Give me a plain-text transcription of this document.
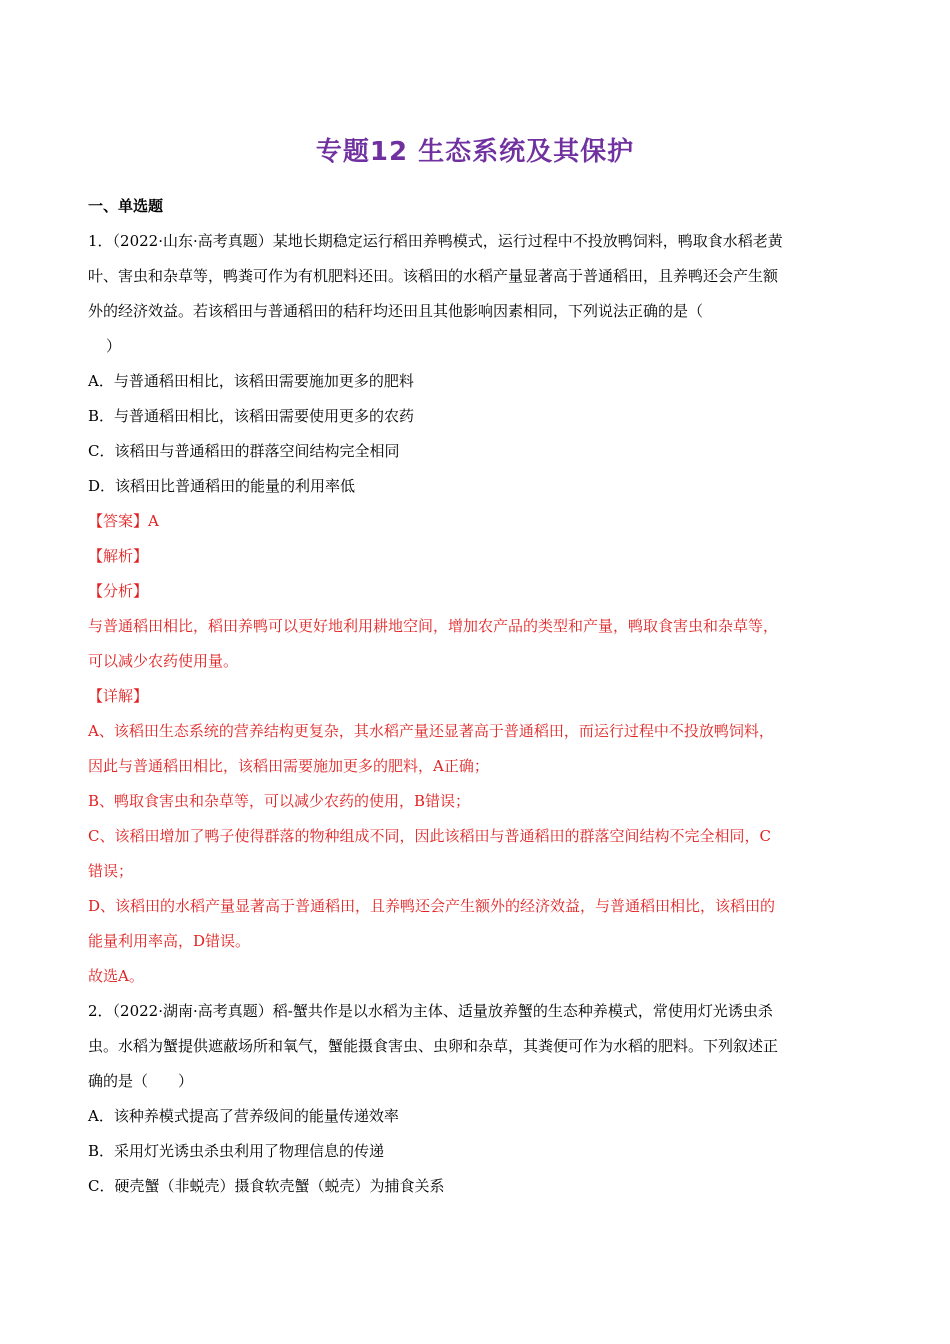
专题12 生态系统及其保护
一、单选题
1．（2022·山东·高考真题）某地长期稳定运行稻田养鸭模式，运行过程中不投放鸭饲料，鸭取食水稻老黄
叶、害虫和杂草等，鸭粪可作为有机肥料还田。该稻田的水稻产量显著高于普通稻田，且养鸭还会产生额
外的经济效益。若该稻田与普通稻田的秸秆均还田且其他影响因素相同，下列说法正确的是（
）
A．与普通稻田相比，该稻田需要施加更多的肥料
B．与普通稻田相比，该稻田需要使用更多的农药
C．该稻田与普通稻田的群落空间结构完全相同
D．该稻田比普通稻田的能量的利用率低
【答案】A
【解析】
【分析】
与普通稻田相比，稻田养鸭可以更好地利用耕地空间，增加农产品的类型和产量，鸭取食害虫和杂草等，
可以减少农药使用量。
【详解】
A、该稻田生态系统的营养结构更复杂，其水稻产量还显著高于普通稻田，而运行过程中不投放鸭饲料，
因此与普通稻田相比，该稻田需要施加更多的肥料，A正确；
B、鸭取食害虫和杂草等，可以减少农药的使用，B错误；
C、该稻田增加了鸭子使得群落的物种组成不同，因此该稻田与普通稻田的群落空间结构不完全相同，C
错误；
D、该稻田的水稻产量显著高于普通稻田，且养鸭还会产生额外的经济效益，与普通稻田相比，该稻田的
能量利用率高，D错误。
故选A。
2．（2022·湖南·高考真题）稻-蟹共作是以水稻为主体、适量放养蟹的生态种养模式，常使用灯光诱虫杀
虫。水稻为蟹提供遮蔽场所和氧气，蟹能摄食害虫、虫卵和杂草，其粪便可作为水稻的肥料。下列叙述正
确的是（　　）
A．该种养模式提高了营养级间的能量传递效率
B．采用灯光诱虫杀虫利用了物理信息的传递
C．硬壳蟹（非蜕壳）摄食软壳蟹（蜕壳）为捕食关系
